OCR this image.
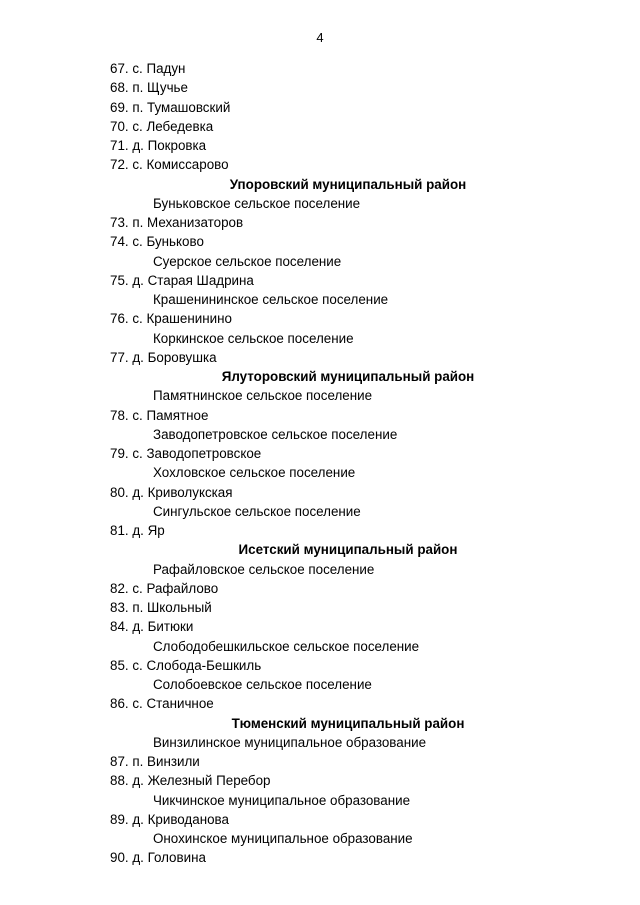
4
67. с. Падун
68. п. Щучье
69. п. Тумашовский
70. с. Лебедевка
71. д. Покровка
72. с. Комиссарово
Упоровский муниципальный район
Буньковское сельское поселение
73. п. Механизаторов
74. с. Буньково
Суерское сельское поселение
75. д. Старая Шадрина
Крашенининское сельское поселение
76. с. Крашенинино
Коркинское сельское поселение
77. д. Боровушка
Ялуторовский муниципальный район
Памятнинское сельское поселение
78. с. Памятное
Заводопетровское сельское поселение
79. с. Заводопетровское
Хохловское сельское поселение
80. д. Криволукская
Сингульское сельское поселение
81. д. Яр
Исетский муниципальный район
Рафайловское сельское поселение
82. с. Рафайлово
83. п. Школьный
84. д. Битюки
Слободобешкильское сельское поселение
85. с. Слобода-Бешкиль
Солобоевское сельское поселение
86. с. Станичное
Тюменский муниципальный район
Винзилинское муниципальное образование
87. п. Винзили
88. д. Железный Перебор
Чикчинское муниципальное образование
89. д. Криводанова
Онохинское муниципальное образование
90. д. Головина
